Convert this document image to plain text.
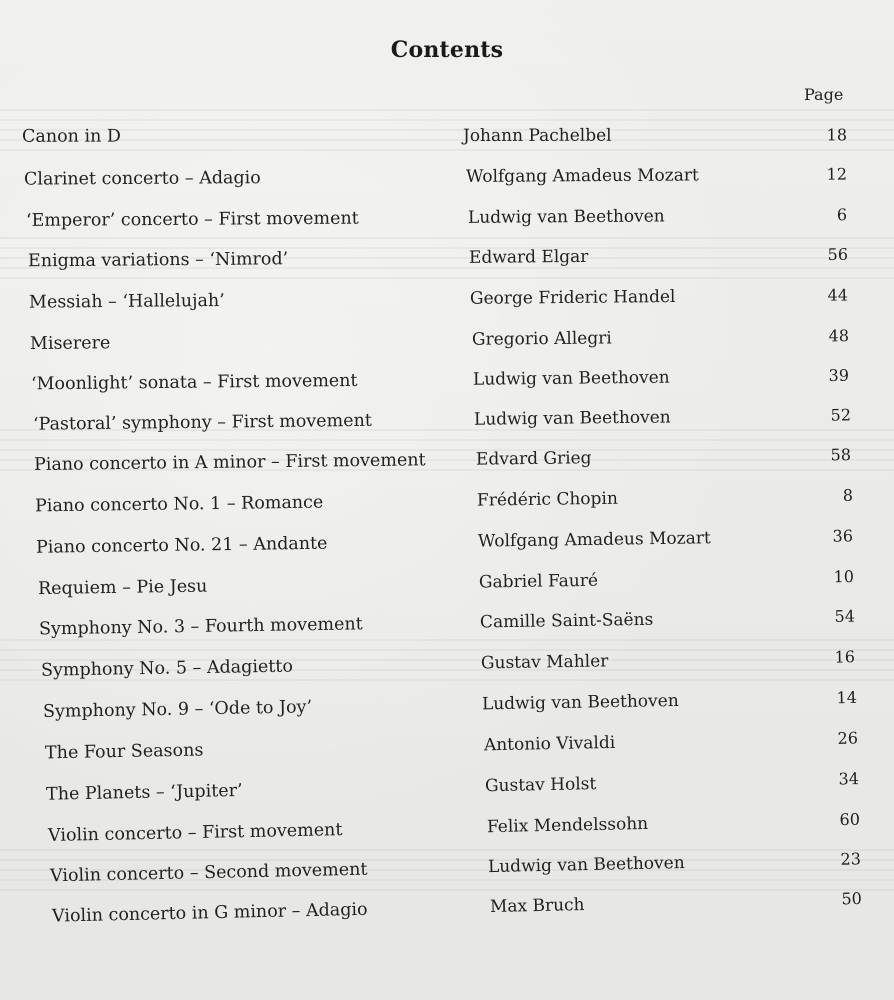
Contents
Page
Canon in D	Johann Pachelbel	18
Clarinet concerto – Adagio	Wolfgang Amadeus Mozart	12
‘Emperor’ concerto – First movement	Ludwig van Beethoven	6
Enigma variations – ‘Nimrod’	Edward Elgar	56
Messiah – ‘Hallelujah’	George Frideric Handel	44
Miserere	Gregorio Allegri	48
‘Moonlight’ sonata – First movement	Ludwig van Beethoven	39
‘Pastoral’ symphony – First movement	Ludwig van Beethoven	52
Piano concerto in A minor – First movement	Edvard Grieg	58
Piano concerto No. 1 – Romance	Frédéric Chopin	8
Piano concerto No. 21 – Andante	Wolfgang Amadeus Mozart	36
Requiem – Pie Jesu	Gabriel Fauré	10
Symphony No. 3 – Fourth movement	Camille Saint-Saëns	54
Symphony No. 5 – Adagietto	Gustav Mahler	16
Symphony No. 9 – ‘Ode to Joy’	Ludwig van Beethoven	14
The Four Seasons	Antonio Vivaldi	26
The Planets – ‘Jupiter’	Gustav Holst	34
Violin concerto – First movement	Felix Mendelssohn	60
Violin concerto – Second movement	Ludwig van Beethoven	23
Violin concerto in G minor – Adagio	Max Bruch	50
